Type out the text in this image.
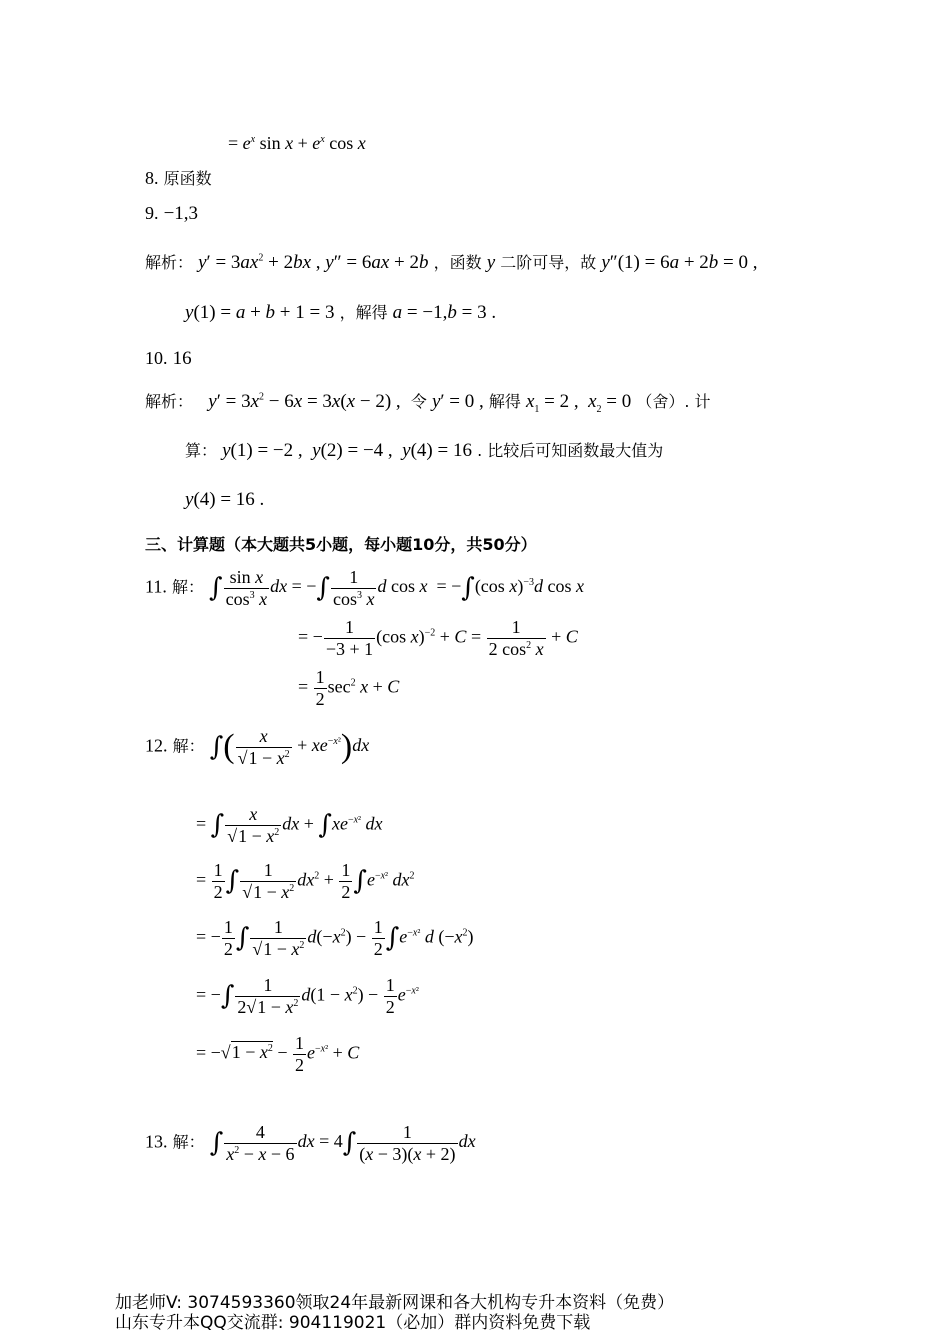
= $e^x$ $\sin x + e^x$ cos x
8. 原函数
9. −1,3
解析： $y' = 3ax^2 + 2bx$ , y″ = 6ax + 2b ，函数 y 二阶可导，故 y″(1) = 6a + 2b = 0 ,
y(1) = a + b + 1 = 3 ，解得 a = −1,b = 3 .
10. 16
解析： $y' = 3x^2 - 6x = 3x(x - 2)$ , 令 y′ = 0 , 解得 $x_1 = 2$ ,  $x_2 = 0$ （舍）. 计
算： y(1) = −2 ,  y(2) = −4 ,  y(4) = 16 . 比较后可知函数最大值为
y(4) = 16 .
三、计算题（本大题共5小题，每小题10分，共50分）
11. 解： ∫ $\frac{\text{sin x}}{\cos^3 x}$ dx = −∫ $\frac{1}{\cos^3 x}$ d cos x  = −∫(cos x)$^{-3}$d cos x
= − $\frac{1}{-3 + 1} (\cos$ $x)^{-2} + C = \frac{1}{2 \cos^2 x} + C$
= $\frac{1}{2} \sec^2 x + C$
12. 解： ∫( $\frac{x}{√1 - x^2} + xe^{-x^2})dx$
= ∫ $\frac{x}{√1 - x^2}$ dx + $\int xe^{-x^2}$ dx
= $\frac{1}{2}$ ∫ $\frac{1}{√1 - x^2} dx^2 + \frac{1}{2} \int e^{-x^2}$ $dx^2$
= − $\frac{1}{2}$ ∫ $\frac{1}{√1 - x^2} d(-x^2) - \frac{1}{2} \int e^{-x^2}$ d $(-x^2)$
= −∫ $\frac{1}{2√1 - x^2} d(1 - x^2) - \frac{1}{2} e^{-x^2}$
= $-√1 - x^2 - \frac{1}{2} e^{-x^2} + C$
13. 解： ∫ $\frac{4}{x^2 - x - 6}$ dx = $4\int \frac{1}{(x - 3)(x + 2)}$ dx
加老师V: 3074593360领取24年最新网课和各大机构专升本资料（免费）
山东专升本QQ交流群: 904119021（必加）群内资料免费下载
